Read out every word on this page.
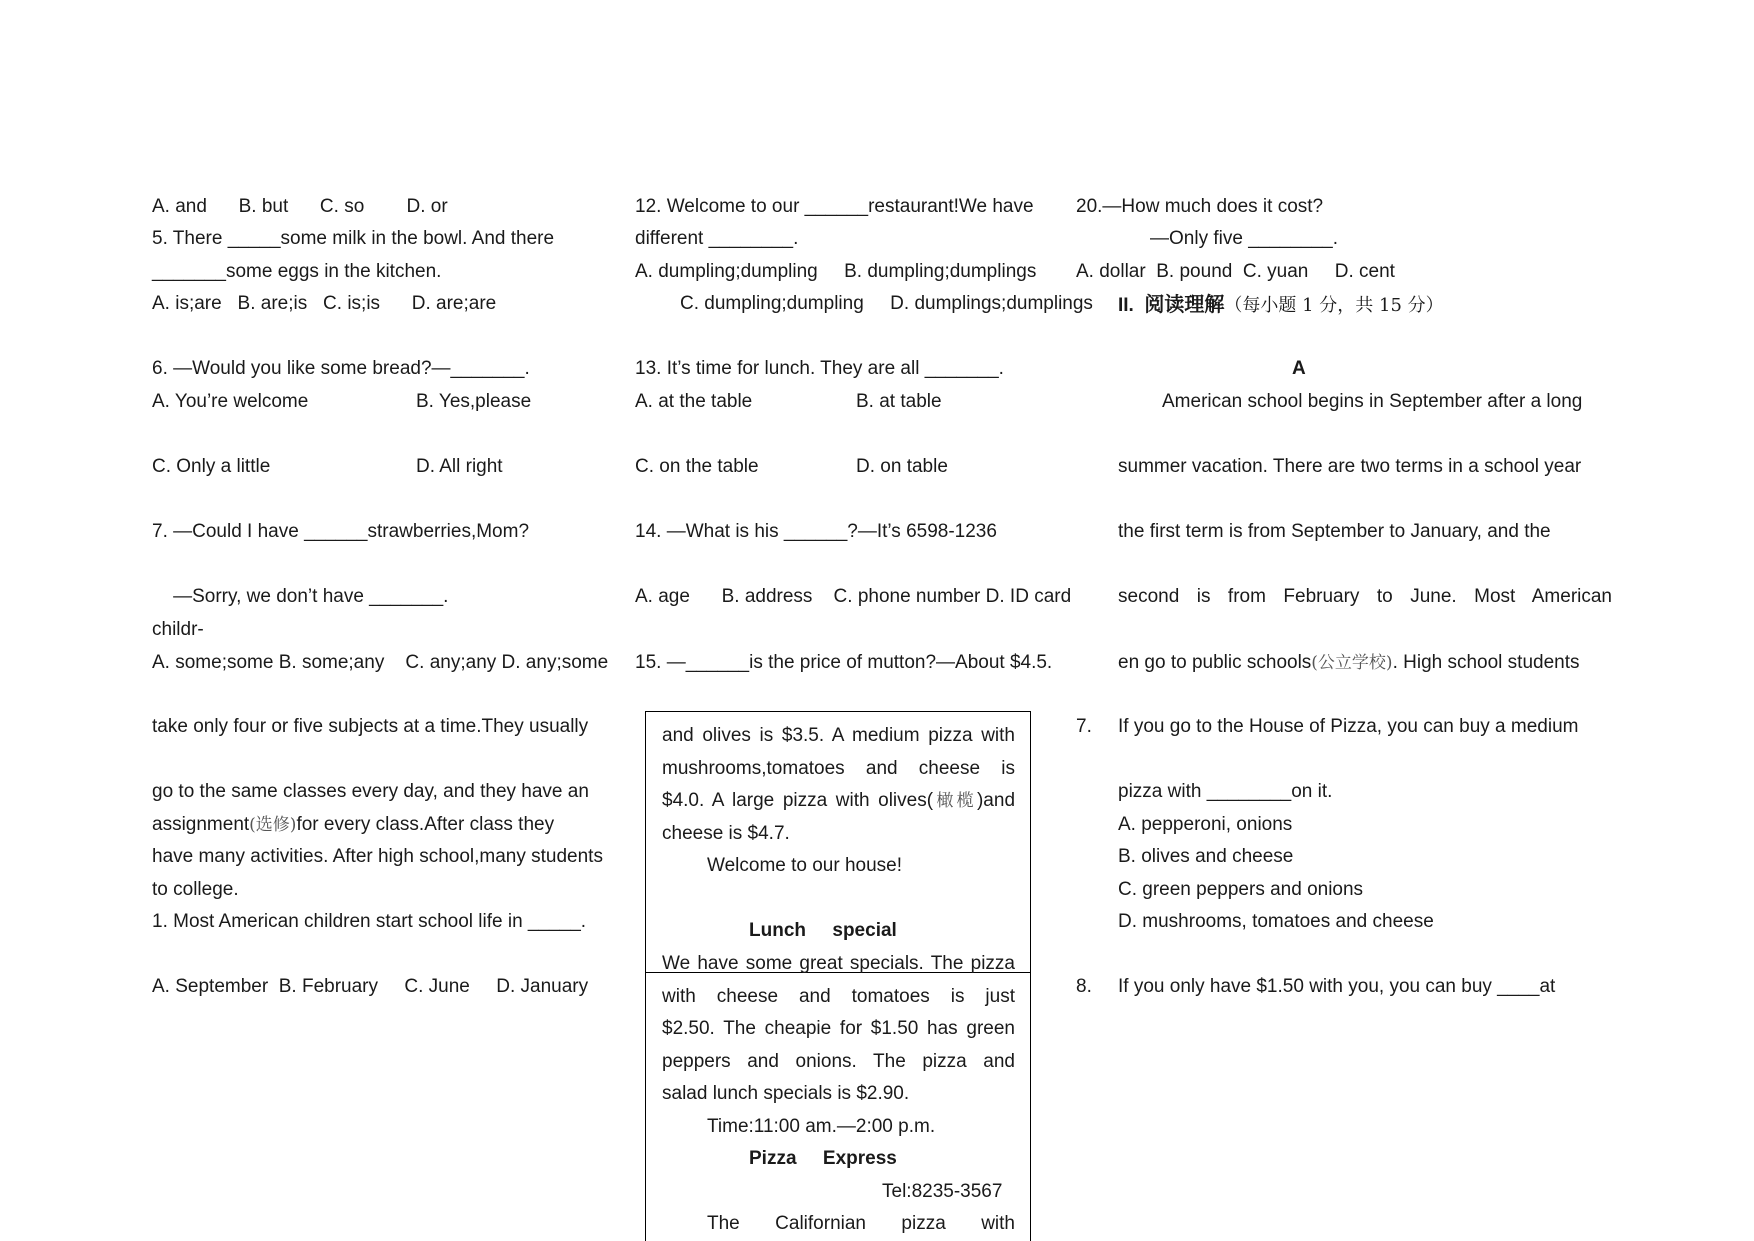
A. and      B. but      C. so        D. or
5. There _____some milk in the bowl. And there
_______some eggs in the kitchen.
A. is;are   B. are;is   C. is;is      D. are;are
6. —Would you like some bread?—_______.
A. You’re welcome	B. Yes,please
C. Only a little	D. All right
7. —Could I have ______strawberries,Mom?
—Sorry, we don’t have _______.
childr-
A. some;some B. some;any    C. any;any D. any;some
take only four or five subjects at a time.They usually
go to the same classes every day, and they have an
assignment(选修)for every class.After class they
have many activities. After high school,many students
to college.
1. Most American children start school life in _____.
A. September  B. February     C. June     D. January
12. Welcome to our ______restaurant!We have
different ________.
A. dumpling;dumpling     B. dumpling;dumplings
C. dumpling;dumpling     D. dumplings;dumplings
13. It’s time for lunch. They are all _______.
A. at the table	B. at table
C. on the table	D. on table
14. —What is his ______?—It’s 6598-1236
A. age      B. address    C. phone number D. ID card
15. —______is the price of mutton?—About $4.5.
and olives is $3.5. A medium pizza with
mushrooms,tomatoes and cheese is
$4.0. A large pizza with olives(橄榄)and
cheese is $4.7.
Welcome to our house!
Lunch     special
We have some great specials. The pizza
with cheese and tomatoes is just
$2.50. The cheapie for $1.50 has green
peppers and onions. The pizza and
salad lunch specials is $2.90.
Time:11:00 am.—2:00 p.m.
Pizza     Express
Tel:8235-3567
The Californian pizza with
20.—How much does it cost?
—Only five ________.
A. dollar  B. pound  C. yuan     D. cent
II. 阅读理解（每小题 1 分，共 15 分）
A
American school begins in September after a long
summer vacation. There are two terms in a school year
the first term is from September to January, and the
second is from February to June. Most American
en go to public schools(公立学校). High school students
7. If you go to the House of Pizza, you can buy a medium
pizza with ________on it.
A. pepperoni, onions
B. olives and cheese
C. green peppers and onions
D. mushrooms, tomatoes and cheese
8. If you only have $1.50 with you, you can buy ____at
